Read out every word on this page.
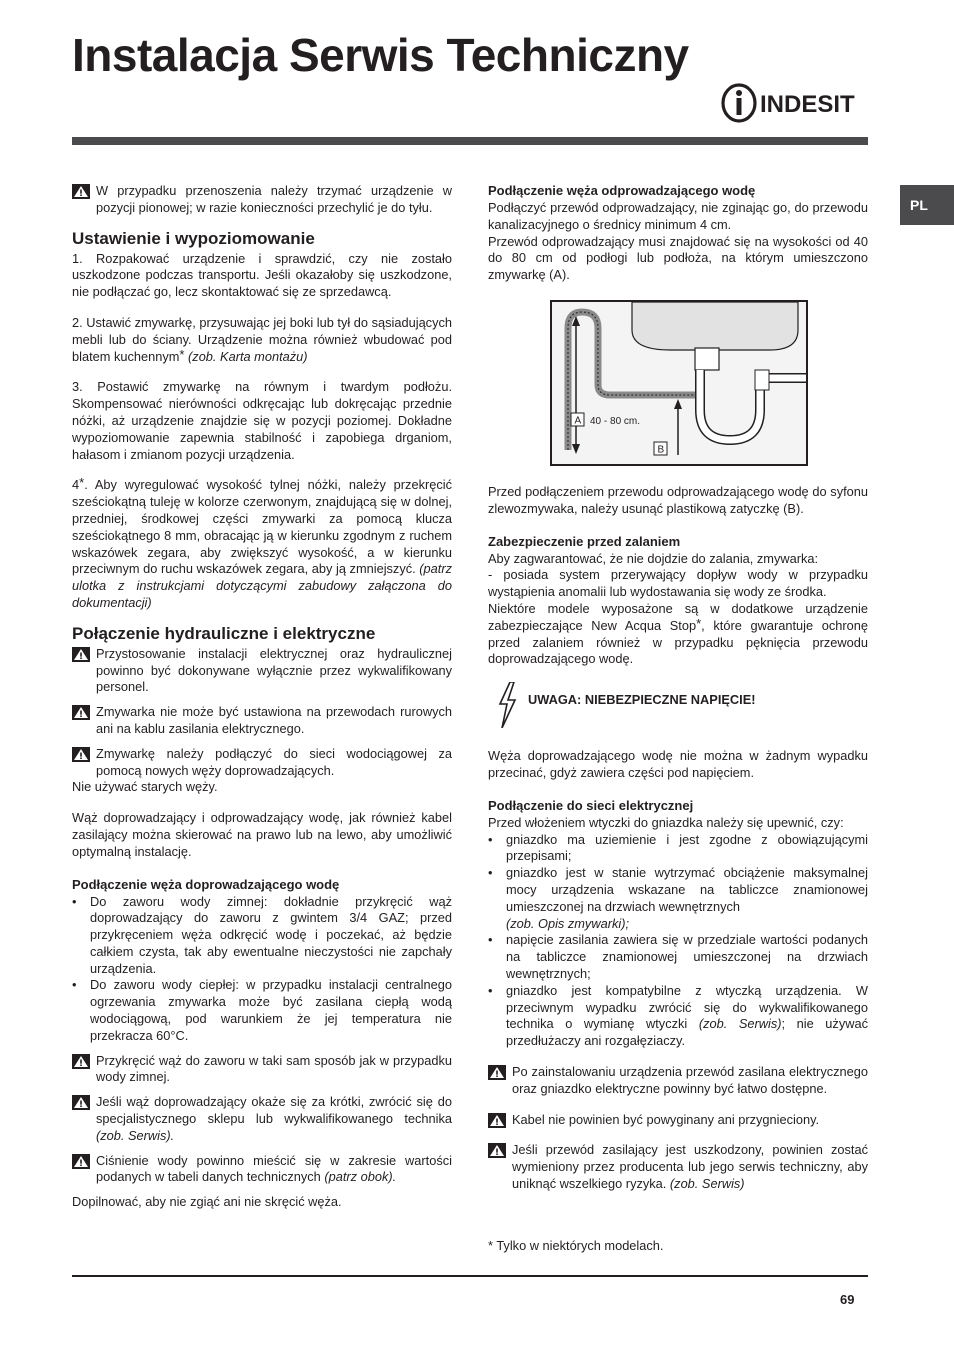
Instalacja Serwis Techniczny
INDESIT
PL

W przypadku przenoszenia należy trzymać urządzenie w pozycji pionowej; w razie konieczności przechylić je do tyłu.

Ustawienie i wypoziomowanie

1. Rozpakować urządzenie i sprawdzić, czy nie zostało uszkodzone podczas transportu. Jeśli okazałoby się uszkodzone, nie podłączać go, lecz skontaktować się ze sprzedawcą.

2. Ustawić zmywarkę, przysuwając jej boki lub tył do sąsiadujących mebli lub do ściany. Urządzenie można również wbudować pod blatem kuchennym* (zob. Karta montażu)

3. Postawić zmywarkę na równym i twardym podłożu. Skompensować nierówności odkręcając lub dokręcając przednie nóżki, aż urządzenie znajdzie się w pozycji poziomej. Dokładne wypoziomowanie zapewnia stabilność i zapobiega drganiom, hałasom i zmianom pozycji urządzenia.

4*. Aby wyregulować wysokość tylnej nóżki, należy przekręcić sześciokątną tuleję w kolorze czerwonym, znajdującą się w dolnej, przedniej, środkowej części zmywarki za pomocą klucza sześciokątnego 8 mm, obracając ją w kierunku zgodnym z ruchem wskazówek zegara, aby zwiększyć wysokość, a w kierunku przeciwnym do ruchu wskazówek zegara, aby ją zmniejszyć. (patrz ulotka z instrukcjami dotyczącymi zabudowy załączona do dokumentacji)

Połączenie hydrauliczne i elektryczne

Przystosowanie instalacji elektrycznej oraz hydraulicznej powinno być dokonywane wyłącznie przez wykwalifikowany personel.

Zmywarka nie może być ustawiona na przewodach rurowych ani na kablu zasilania elektrycznego.

Zmywarkę należy podłączyć do sieci wodociągowej za pomocą nowych węży doprowadzających.

Nie używać starych węży.

Wąż doprowadzający i odprowadzający wodę, jak również kabel zasilający można skierować na prawo lub na lewo, aby umożliwić optymalną instalację.

Podłączenie węża doprowadzającego wodę
• Do zaworu wody zimnej: dokładnie przykręcić wąż doprowadzający do zaworu z gwintem 3/4 GAZ; przed przykręceniem węża odkręcić wodę i poczekać, aż będzie całkiem czysta, tak aby ewentualne nieczystości nie zapchały urządzenia.
• Do zaworu wody ciepłej: w przypadku instalacji centralnego ogrzewania zmywarka może być zasilana ciepłą wodą wodociągową, pod warunkiem że jej temperatura nie przekracza 60°C.

Przykręcić wąż do zaworu w taki sam sposób jak w przypadku wody zimnej.

Jeśli wąż doprowadzający okaże się za krótki, zwrócić się do specjalistycznego sklepu lub wykwalifikowanego technika (zob. Serwis).

Ciśnienie wody powinno mieścić się w zakresie wartości podanych w tabeli danych technicznych (patrz obok).

Dopilnować, aby nie zgiąć ani nie skręcić węża.

Podłączenie węża odprowadzającego wodę

Podłączyć przewód odprowadzający, nie zginając go, do przewodu kanalizacyjnego o średnicy minimum 4 cm.

Przewód odprowadzający musi znajdować się na wysokości od 40 do 80 cm od podłogi lub podłoża, na którym umieszczono zmywarkę (A).

A 40 - 80 cm.
B

Przed podłączeniem przewodu odprowadzającego wodę do syfonu zlewozmywaka, należy usunąć plastikową zatyczkę (B).

Zabezpieczenie przed zalaniem

Aby zagwarantować, że nie dojdzie do zalania, zmywarka:

- posiada system przerywający dopływ wody w przypadku wystąpienia anomalii lub wydostawania się wody ze środka.

Niektóre modele wyposażone są w dodatkowe urządzenie zabezpieczające New Acqua Stop*, które gwarantuje ochronę przed zalaniem również w przypadku pęknięcia przewodu doprowadzającego wodę.

UWAGA: NIEBEZPIECZNE NAPIĘCIE!

Węża doprowadzającego wodę nie można w żadnym wypadku przecinać, gdyż zawiera części pod napięciem.

Podłączenie do sieci elektrycznej

Przed włożeniem wtyczki do gniazdka należy się upewnić, czy:

• gniazdko ma uziemienie i jest zgodne z obowiązującymi przepisami;
• gniazdko jest w stanie wytrzymać obciążenie maksymalnej mocy urządzenia wskazane na tabliczce znamionowej umieszczonej na drzwiach wewnętrznych
(zob. Opis zmywarki);
• napięcie zasilania zawiera się w przedziale wartości podanych na tabliczce znamionowej umieszczonej na drzwiach wewnętrznych;
• gniazdko jest kompatybilne z wtyczką urządzenia. W przeciwnym wypadku zwrócić się do wykwalifikowanego technika o wymianę wtyczki (zob. Serwis); nie używać przedłużaczy ani rozgałęziaczy.

Po zainstalowaniu urządzenia przewód zasilana elektrycznego oraz gniazdko elektryczne powinny być łatwo dostępne.

Kabel nie powinien być powyginany ani przygnieciony.

Jeśli przewód zasilający jest uszkodzony, powinien zostać wymieniony przez producenta lub jego serwis techniczny, aby uniknąć wszelkiego ryzyka. (zob. Serwis)

* Tylko w niektórych modelach.
69
